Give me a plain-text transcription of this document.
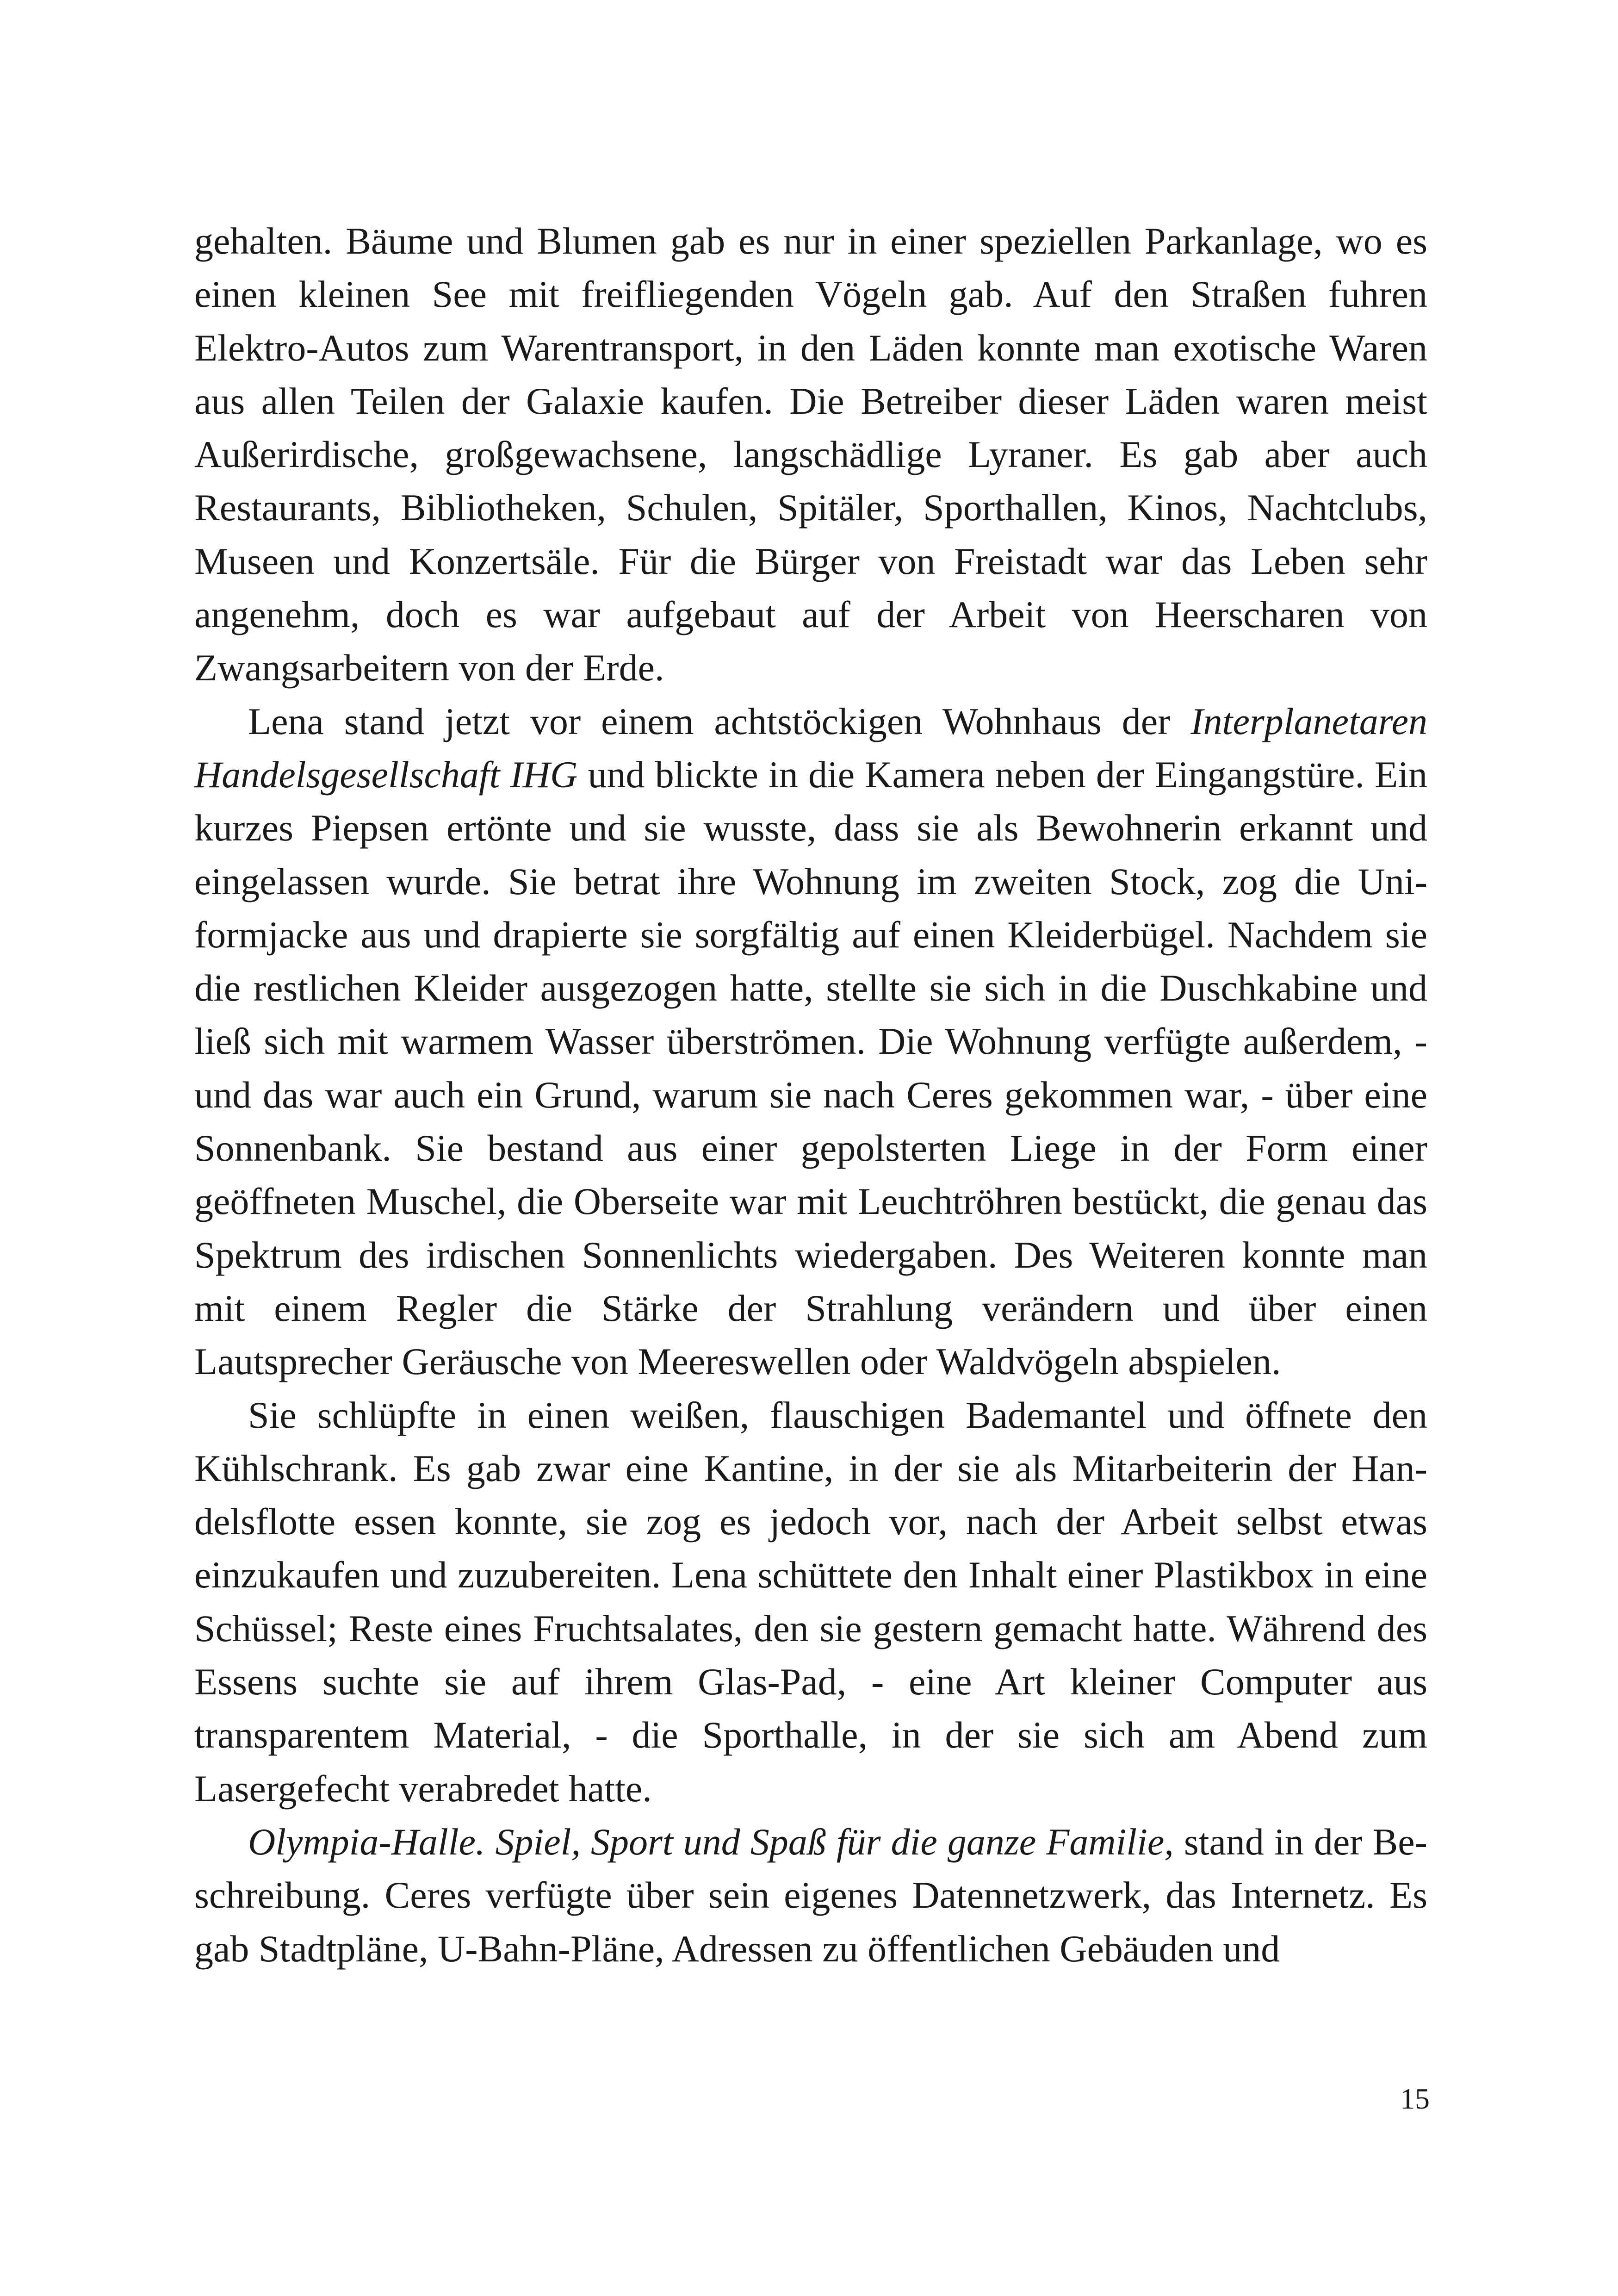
gehalten. Bäume und Blumen gab es nur in einer speziellen Parkanlage, wo es einen kleinen See mit freifliegenden Vögeln gab. Auf den Straßen fuhren Elektro-Autos zum Warentransport, in den Läden konnte man exotische Waren aus allen Teilen der Galaxie kaufen. Die Betreiber dieser Läden waren meist Außerirdische, großgewachsene, langschädlige Lyraner. Es gab aber auch Restaurants, Bibliotheken, Schulen, Spitäler, Sporthallen, Kinos, Nachtclubs, Museen und Konzertsäle. Für die Bürger von Freistadt war das Leben sehr angenehm, doch es war aufgebaut auf der Arbeit von Heerscharen von Zwangsarbeitern von der Erde.

Lena stand jetzt vor einem achtstöckigen Wohnhaus der Interplanetaren Handelsgesellschaft IHG und blickte in die Kamera neben der Eingangstüre. Ein kurzes Piepsen ertönte und sie wusste, dass sie als Bewohnerin erkannt und eingelassen wurde. Sie betrat ihre Wohnung im zweiten Stock, zog die Uniformjacke aus und drapierte sie sorgfältig auf einen Kleiderbügel. Nachdem sie die restlichen Kleider ausgezogen hatte, stellte sie sich in die Duschkabine und ließ sich mit warmem Wasser überströmen. Die Wohnung verfügte außerdem, - und das war auch ein Grund, warum sie nach Ceres gekommen war, - über eine Sonnenbank. Sie bestand aus einer gepolsterten Liege in der Form einer geöffneten Muschel, die Oberseite war mit Leuchtröhren bestückt, die genau das Spektrum des irdischen Sonnenlichts wiedergaben. Des Weiteren konnte man mit einem Regler die Stärke der Strahlung verändern und über einen Lautsprecher Geräusche von Meereswellen oder Waldvögeln abspielen.

Sie schlüpfte in einen weißen, flauschigen Bademantel und öffnete den Kühlschrank. Es gab zwar eine Kantine, in der sie als Mitarbeiterin der Handelsflotte essen konnte, sie zog es jedoch vor, nach der Arbeit selbst etwas einzukaufen und zuzubereiten. Lena schüttete den Inhalt einer Plastikbox in eine Schüssel; Reste eines Fruchtsalates, den sie gestern gemacht hatte. Während des Essens suchte sie auf ihrem Glas-Pad, - eine Art kleiner Computer aus transparentem Material, - die Sporthalle, in der sie sich am Abend zum Lasergefecht verabredet hatte.

Olympia-Halle. Spiel, Sport und Spaß für die ganze Familie, stand in der Beschreibung. Ceres verfügte über sein eigenes Datennetzwerk, das Internetz. Es gab Stadtpläne, U-Bahn-Pläne, Adressen zu öffentlichen Gebäuden und

15
